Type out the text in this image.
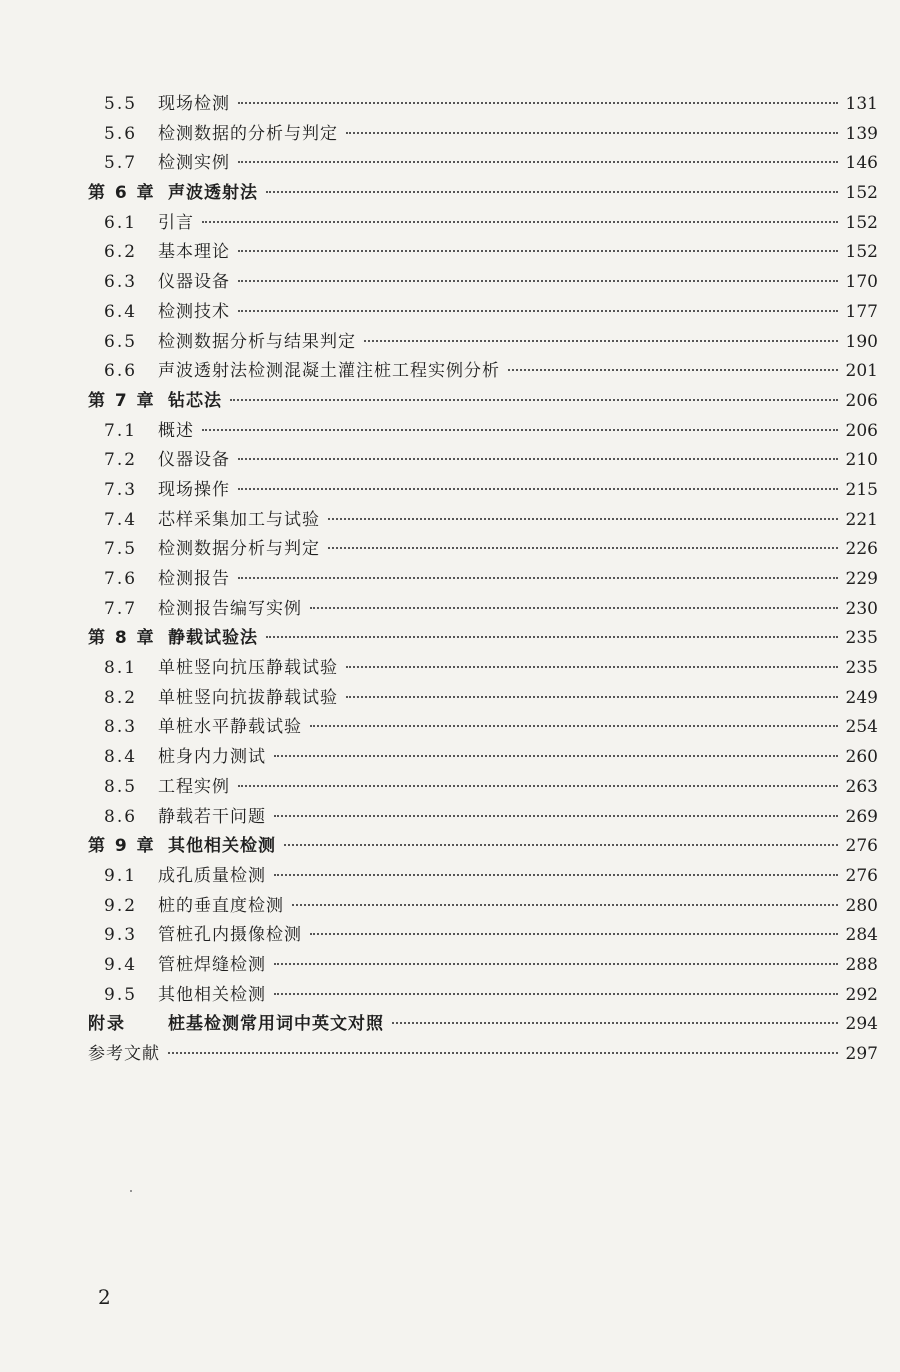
5.5 现场检测	131
5.6 检测数据的分析与判定	139
5.7 检测实例	146
第 6 章 声波透射法	152
6.1 引言	152
6.2 基本理论	152
6.3 仪器设备	170
6.4 检测技术	177
6.5 检测数据分析与结果判定	190
6.6 声波透射法检测混凝土灌注桩工程实例分析	201
第 7 章 钻芯法	206
7.1 概述	206
7.2 仪器设备	210
7.3 现场操作	215
7.4 芯样采集加工与试验	221
7.5 检测数据分析与判定	226
7.6 检测报告	229
7.7 检测报告编写实例	230
第 8 章 静载试验法	235
8.1 单桩竖向抗压静载试验	235
8.2 单桩竖向抗拔静载试验	249
8.3 单桩水平静载试验	254
8.4 桩身内力测试	260
8.5 工程实例	263
8.6 静载若干问题	269
第 9 章 其他相关检测	276
9.1 成孔质量检测	276
9.2 桩的垂直度检测	280
9.3 管桩孔内摄像检测	284
9.4 管桩焊缝检测	288
9.5 其他相关检测	292
附录 桩基检测常用词中英文对照	294
参考文献	297
2
